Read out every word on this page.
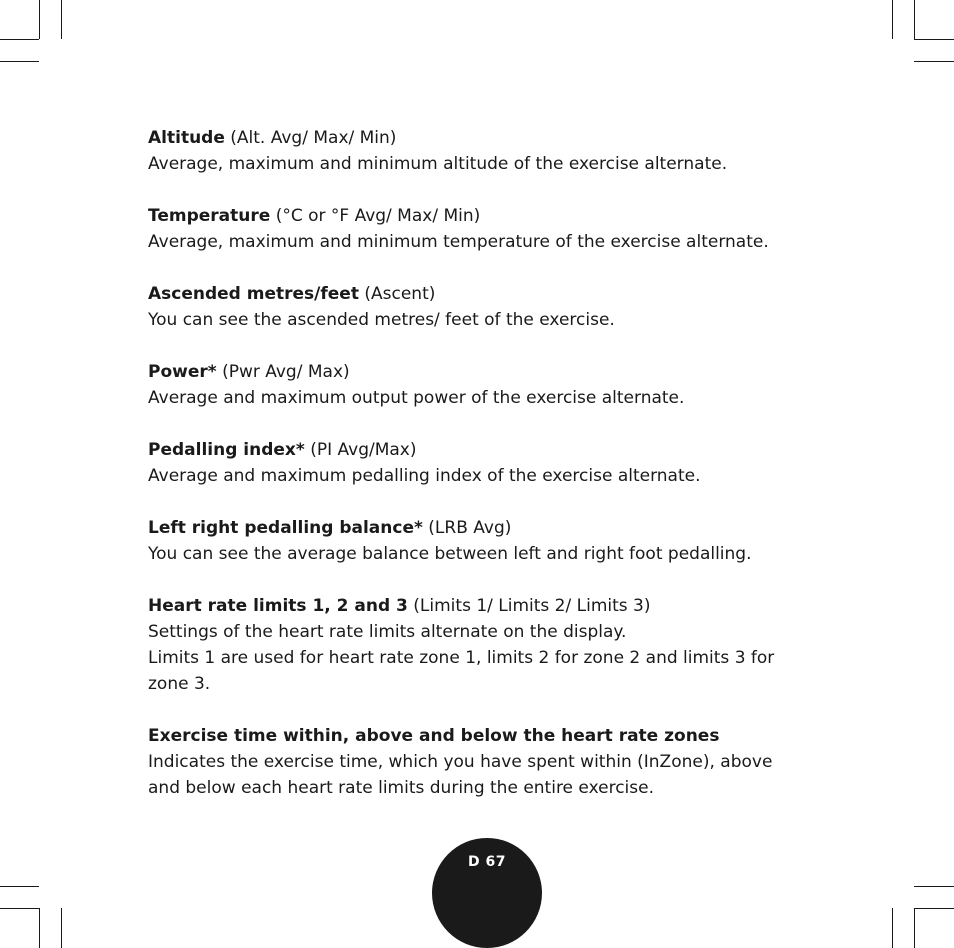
Altitude (Alt. Avg/ Max/ Min)
Average, maximum and minimum altitude of the exercise alternate.
Temperature (°C or °F Avg/ Max/ Min)
Average, maximum and minimum temperature of the exercise alternate.
Ascended metres/feet (Ascent)
You can see the ascended metres/ feet of the exercise.
Power* (Pwr Avg/ Max)
Average and maximum output power of the exercise alternate.
Pedalling index* (PI Avg/Max)
Average and maximum pedalling index of the exercise alternate.
Left right pedalling balance* (LRB Avg)
You can see the average balance between left and right foot pedalling.
Heart rate limits 1, 2 and 3 (Limits 1/ Limits 2/ Limits 3)
Settings of the heart rate limits alternate on the display.
Limits 1 are used for heart rate zone 1, limits 2 for zone 2 and limits 3 for
zone 3.
Exercise time within, above and below the heart rate zones
Indicates the exercise time, which you have spent within (InZone), above
and below each heart rate limits during the entire exercise.
D 67
